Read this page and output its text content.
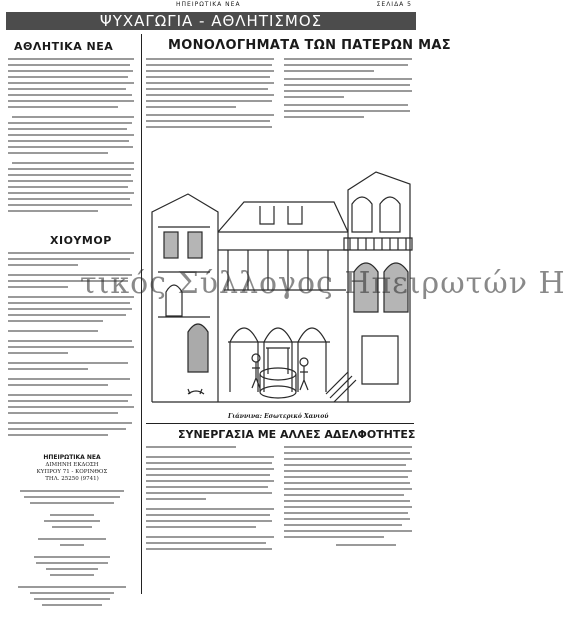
ΗΠΕΙΡΩΤΙΚΑ ΝΕΑ	ΣΕΛΙΔΑ 5
ΨΥΧΑΓΩΓΙΑ - ΑΘΛΗΤΙΣΜΟΣ
ΑΘΛΗΤΙΚΑ ΝΕΑ
ΧΙΟΥΜΟΡ
ΗΠΕΙΡΩΤΙΚΑ ΝΕΑ
ΔΙΜΗΝΗ ΕΚΔΟΣΗ
ΚΥΠΡΟΥ 71 - ΚΟΡΙΝΘΟΣ
ΤΗΛ. 25250 (9741)
ΜΟΝΟΛΟΓΗΜΑΤΑ ΤΩΝ ΠΑΤΕΡΩΝ ΜΑΣ
Γιάννινα: Εσωτερικό Χανιού
ΣΥΝΕΡΓΑΣΙΑ ΜΕ ΑΛΛΕΣ ΑΔΕΛΦΟΤΗΤΕΣ
τικός Σύλλογος Ηπειρωτών Η
